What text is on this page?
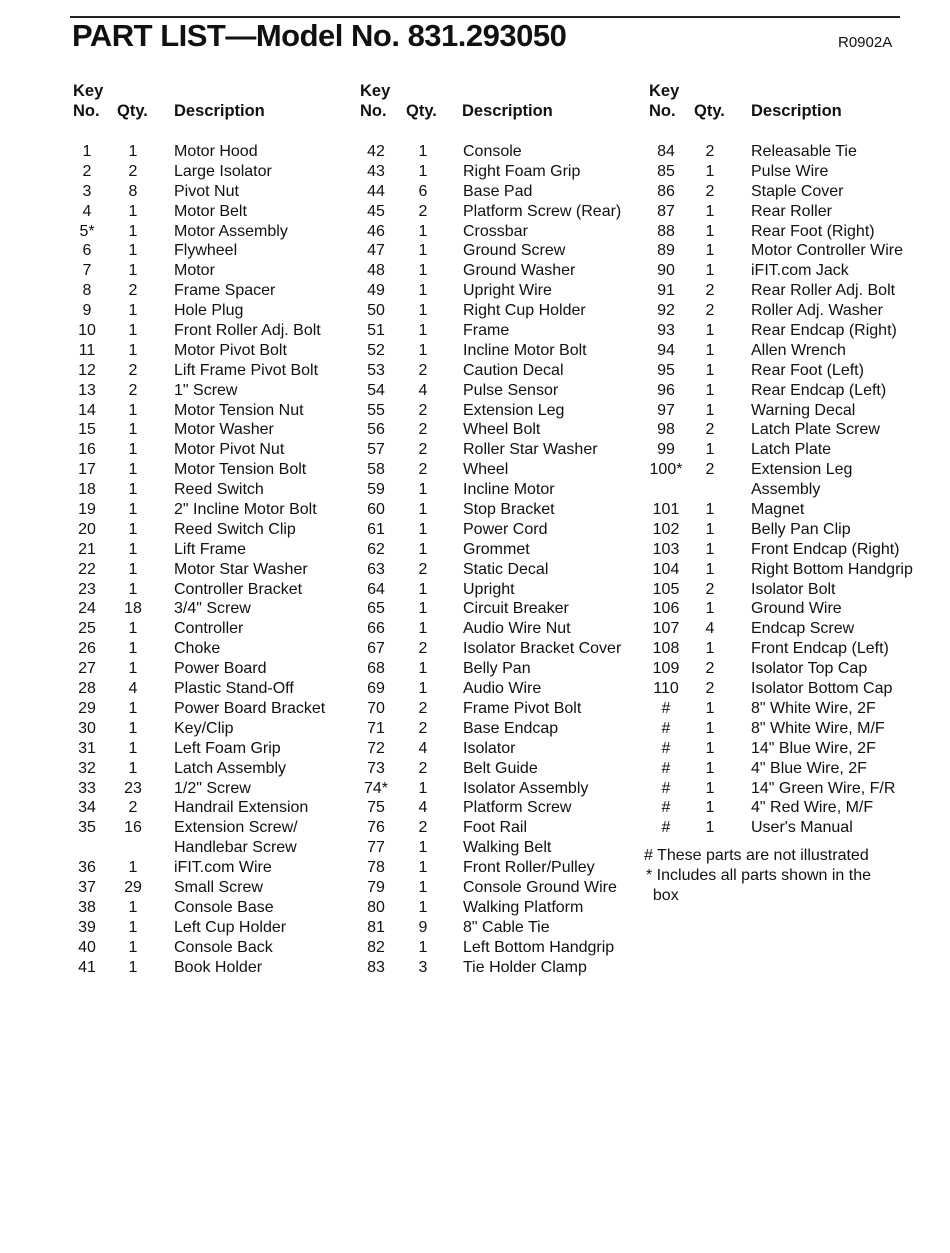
PART LIST—Model No. 831.293050	R0902A
Key
No. Qty. Description
1	1	Motor Hood
2	2	Large Isolator
3	8	Pivot Nut
4	1	Motor Belt
5*	1	Motor Assembly
6	1	Flywheel
7	1	Motor
8	2	Frame Spacer
9	1	Hole Plug
10	1	Front Roller Adj. Bolt
11	1	Motor Pivot Bolt
12	2	Lift Frame Pivot Bolt
13	2	1" Screw
14	1	Motor Tension Nut
15	1	Motor Washer
16	1	Motor Pivot Nut
17	1	Motor Tension Bolt
18	1	Reed Switch
19	1	2" Incline Motor Bolt
20	1	Reed Switch Clip
21	1	Lift Frame
22	1	Motor Star Washer
23	1	Controller Bracket
24	18	3/4" Screw
25	1	Controller
26	1	Choke
27	1	Power Board
28	4	Plastic Stand-Off
29	1	Power Board Bracket
30	1	Key/Clip
31	1	Left Foam Grip
32	1	Latch Assembly
33	23	1/2" Screw
34	2	Handrail Extension
35	16	Extension Screw/
Handlebar Screw
36	1	iFIT.com Wire
37	29	Small Screw
38	1	Console Base
39	1	Left Cup Holder
40	1	Console Back
41	1	Book Holder
Key
No. Qty. Description
42	1	Console
43	1	Right Foam Grip
44	6	Base Pad
45	2	Platform Screw (Rear)
46	1	Crossbar
47	1	Ground Screw
48	1	Ground Washer
49	1	Upright Wire
50	1	Right Cup Holder
51	1	Frame
52	1	Incline Motor Bolt
53	2	Caution Decal
54	4	Pulse Sensor
55	2	Extension Leg
56	2	Wheel Bolt
57	2	Roller Star Washer
58	2	Wheel
59	1	Incline Motor
60	1	Stop Bracket
61	1	Power Cord
62	1	Grommet
63	2	Static Decal
64	1	Upright
65	1	Circuit Breaker
66	1	Audio Wire Nut
67	2	Isolator Bracket Cover
68	1	Belly Pan
69	1	Audio Wire
70	2	Frame Pivot Bolt
71	2	Base Endcap
72	4	Isolator
73	2	Belt Guide
74*	1	Isolator Assembly
75	4	Platform Screw
76	2	Foot Rail
77	1	Walking Belt
78	1	Front Roller/Pulley
79	1	Console Ground Wire
80	1	Walking Platform
81	9	8" Cable Tie
82	1	Left Bottom Handgrip
83	3	Tie Holder Clamp
Key
No. Qty. Description
84	2	Releasable Tie
85	1	Pulse Wire
86	2	Staple Cover
87	1	Rear Roller
88	1	Rear Foot (Right)
89	1	Motor Controller Wire
90	1	iFIT.com Jack
91	2	Rear Roller Adj. Bolt
92	2	Roller Adj. Washer
93	1	Rear Endcap (Right)
94	1	Allen Wrench
95	1	Rear Foot (Left)
96	1	Rear Endcap (Left)
97	1	Warning Decal
98	2	Latch Plate Screw
99	1	Latch Plate
100*	2	Extension Leg
Assembly
101	1	Magnet
102	1	Belly Pan Clip
103	1	Front Endcap (Right)
104	1	Right Bottom Handgrip
105	2	Isolator Bolt
106	1	Ground Wire
107	4	Endcap Screw
108	1	Front Endcap (Left)
109	2	Isolator Top Cap
110	2	Isolator Bottom Cap
#	1	8" White Wire, 2F
#	1	8" White Wire, M/F
#	1	14" Blue Wire, 2F
#	1	4" Blue Wire, 2F
#	1	14" Green Wire, F/R
#	1	4" Red Wire, M/F
#	1	User's Manual
# These parts are not illustrated
* Includes all parts shown in the
box
